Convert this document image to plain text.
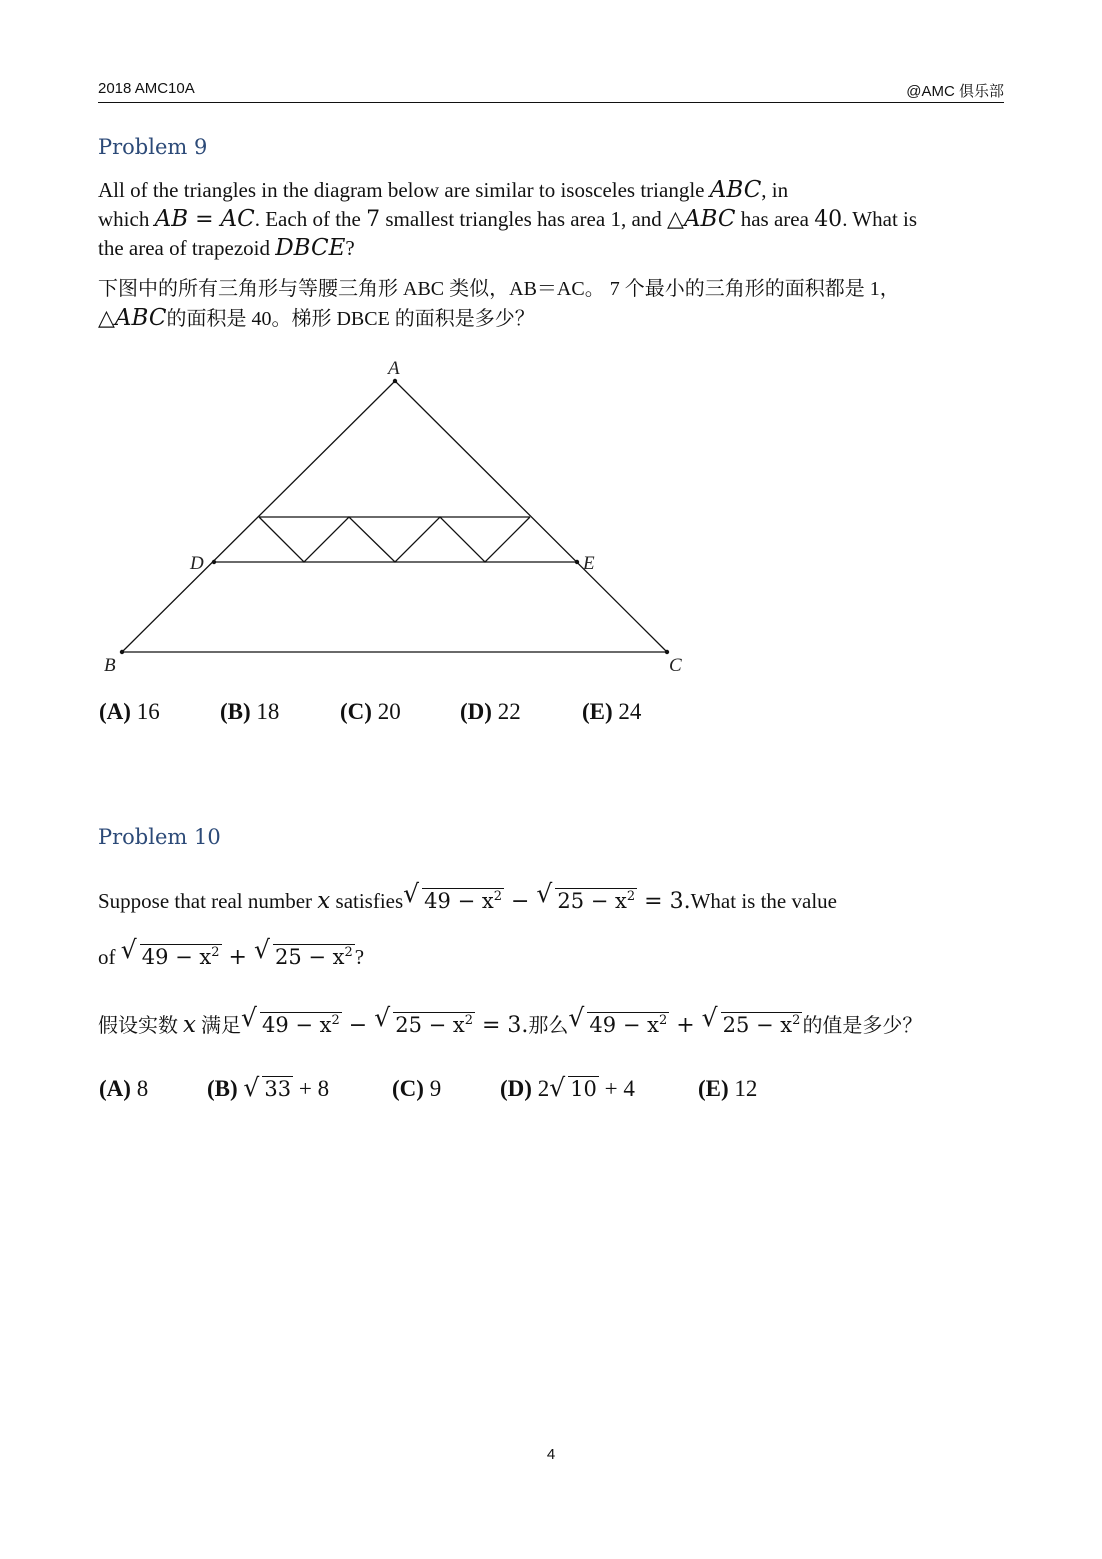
2018 AMC10A	@AMC 俱乐部
Problem 9
All of the triangles in the diagram below are similar to isosceles triangle ABC, in
which AB = AC. Each of the 7 smallest triangles has area 1, and △ABC has area 40. What is
the area of trapezoid DBCE?
下图中的所有三角形与等腰三角形 ABC 类似，AB＝AC。 7 个最小的三角形的面积都是 1，
△ABC的面积是 40。梯形 DBCE 的面积是多少？
A
D	E
B	C
(A) 16	(B) 18	(C) 20	(D) 22	(E) 24
Problem 10
Suppose that real number x satisfies √ $49 - x^2$ − √ $25 - x^2$ = 3.What is the value
of √ $49 - x^2$ + √ $25 - x^2$?
假设实数 x 满足 √ $49 - x^2$ − √ $25 - x^2 = 3$.那么 √ $49 - x^2$ + √ $25 - x^2$ 的值是多少？
(A) 8	(B) √ 33 + 8	(C) 9	(D) 2 √ 10 + 4	(E) 12
4
